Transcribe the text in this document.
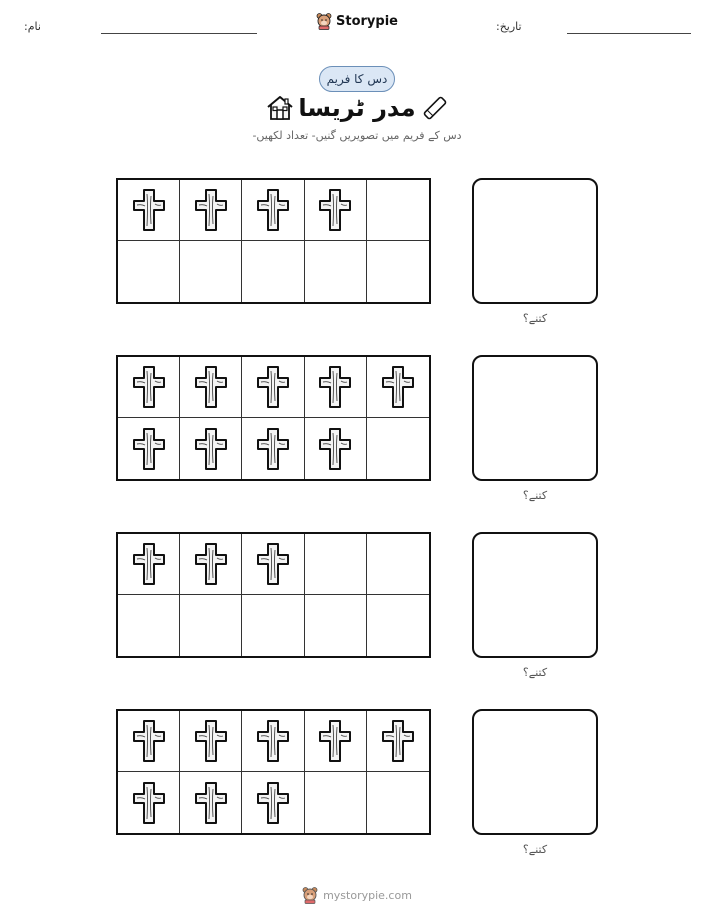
نام:	Storypie	تاریخ:
دس کا فریم
مدر ٹریسا
دس کے فریم میں تصویریں گنیں- تعداد لکھیں-
کتنے؟
کتنے؟
کتنے؟
کتنے؟
mystorypie.com
